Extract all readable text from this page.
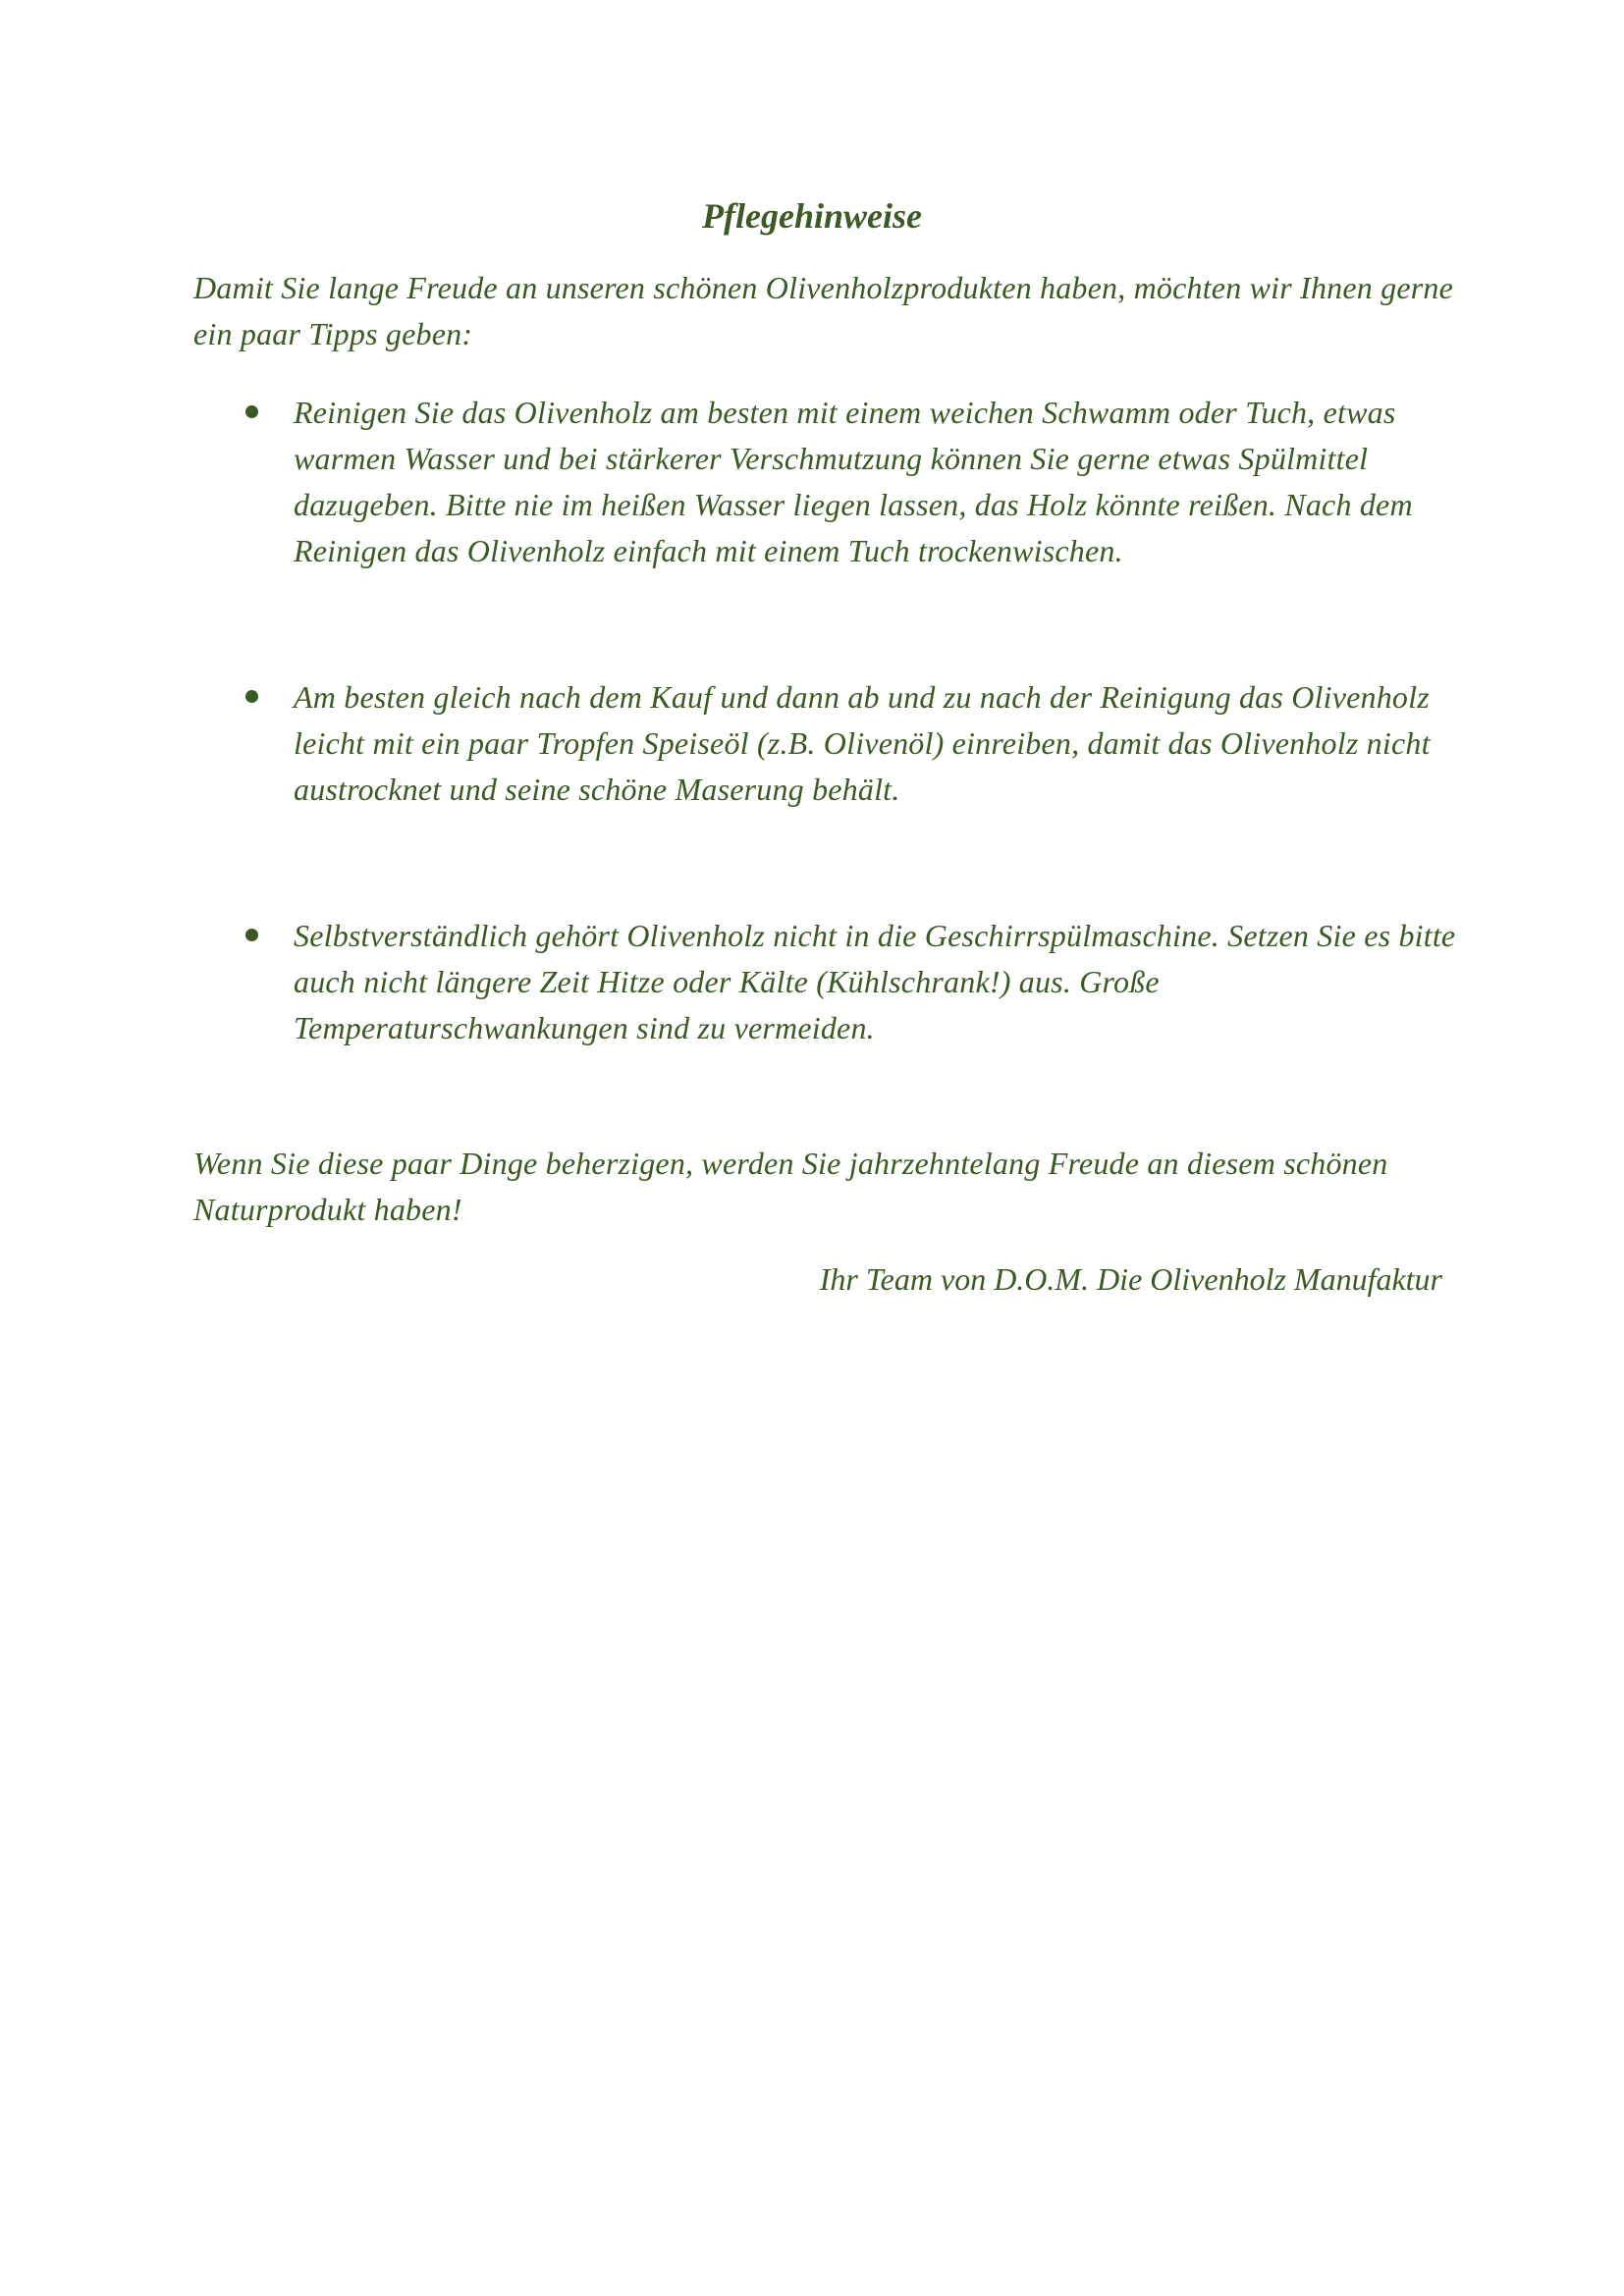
Pflegehinweise
Damit Sie lange Freude an unseren schönen Olivenholzprodukten haben, möchten wir Ihnen gerne ein paar Tipps geben:
Reinigen Sie das Olivenholz am besten mit einem weichen Schwamm oder Tuch, etwas warmen Wasser und bei stärkerer Verschmutzung können Sie gerne etwas Spülmittel dazugeben. Bitte nie im heißen Wasser liegen lassen, das Holz könnte reißen. Nach dem Reinigen das Olivenholz einfach mit einem Tuch trockenwischen.
Am besten gleich nach dem Kauf und dann ab und zu nach der Reinigung das Olivenholz leicht mit ein paar Tropfen Speiseöl (z.B. Olivenöl) einreiben, damit das Olivenholz nicht austrocknet und seine schöne Maserung behält.
Selbstverständlich gehört Olivenholz nicht in die Geschirrspülmaschine. Setzen Sie es bitte auch nicht längere Zeit Hitze oder Kälte (Kühlschrank!) aus. Große Temperaturschwankungen sind zu vermeiden.
Wenn Sie diese paar Dinge beherzigen, werden Sie jahrzehntelang Freude an diesem schönen Naturprodukt haben!
Ihr Team von D.O.M. Die Olivenholz Manufaktur
